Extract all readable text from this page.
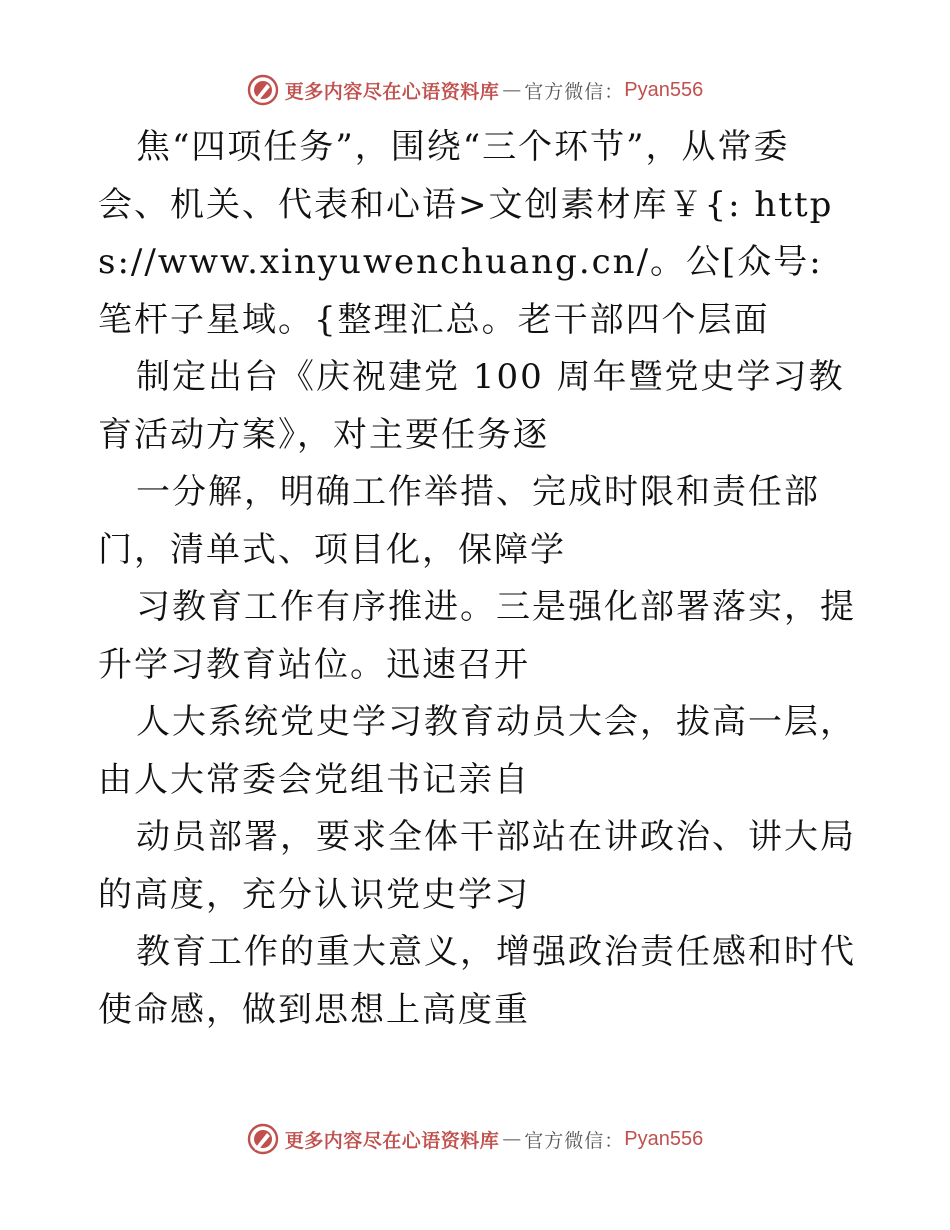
更多内容尽在心语资料库 — 官方微信： Pyan556

焦“四项任务”，围绕“三个环节”，从常委会、机关、代表和心语>文创素材库￥{: https://www.xinyuwenchuang.cn/。公[众号: 笔杆子星域。{整理汇总。老干部四个层面

制定出台《庆祝建党 100 周年暨党史学习教育活动方案》，对主要任务逐

一分解，明确工作举措、完成时限和责任部门，清单式、项目化，保障学

习教育工作有序推进。三是强化部署落实，提升学习教育站位。迅速召开

人大系统党史学习教育动员大会，拔高一层，由人大常委会党组书记亲自

动员部署，要求全体干部站在讲政治、讲大局的高度，充分认识党史学习

教育工作的重大意义，增强政治责任感和时代使命感，做到思想上高度重

更多内容尽在心语资料库 — 官方微信： Pyan556
